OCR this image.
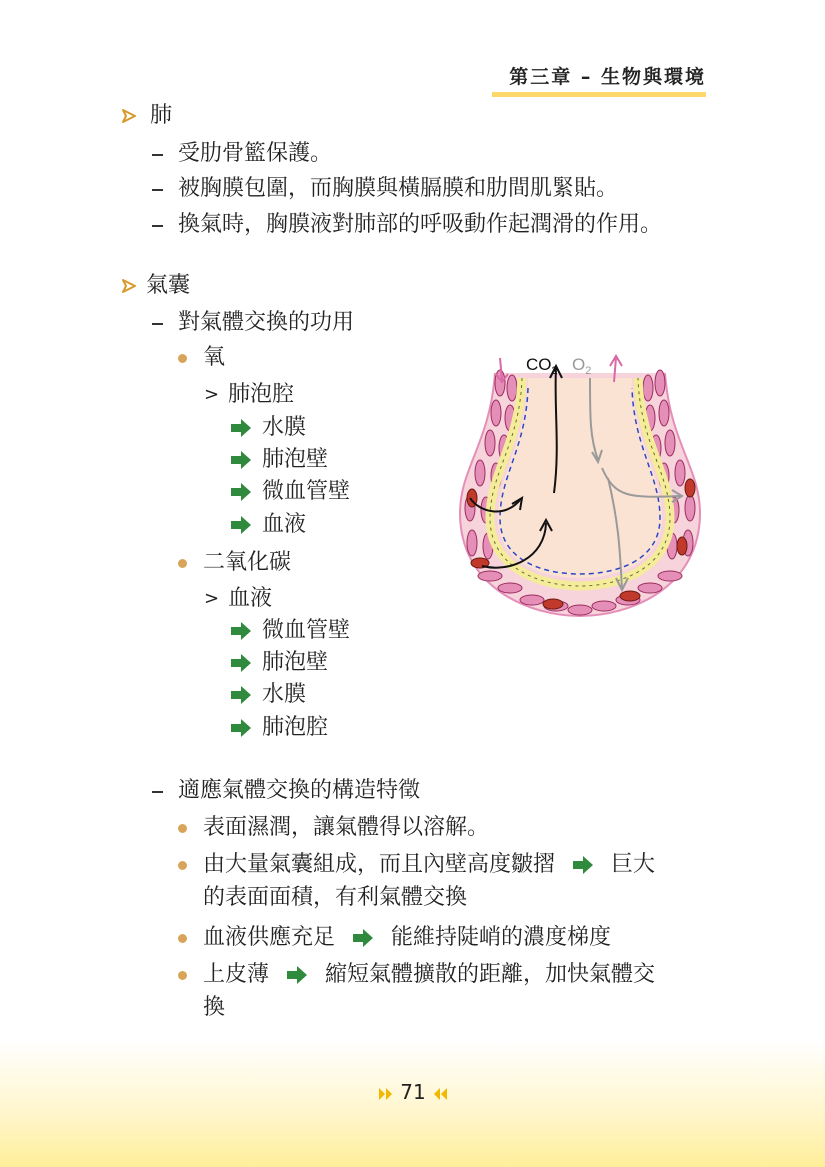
第三章 – 生物與環境
肺
受肋骨籃保護。
被胸膜包圍，而胸膜與橫膈膜和肋間肌緊貼。
換氣時，胸膜液對肺部的呼吸動作起潤滑的作用。
氣囊
對氣體交換的功用
氧
> 肺泡腔
水膜
肺泡壁
微血管壁
血液
二氧化碳
> 血液
微血管壁
肺泡壁
水膜
肺泡腔
適應氣體交換的構造特徵
表面濕潤，讓氣體得以溶解。
由大量氣囊組成，而且內壁高度皺摺	巨大
的表面面積，有利氣體交換
血液供應充足	能維持陡峭的濃度梯度
上皮薄	縮短氣體擴散的距離，加快氣體交
換
$CO_2$ $O_2$
71
